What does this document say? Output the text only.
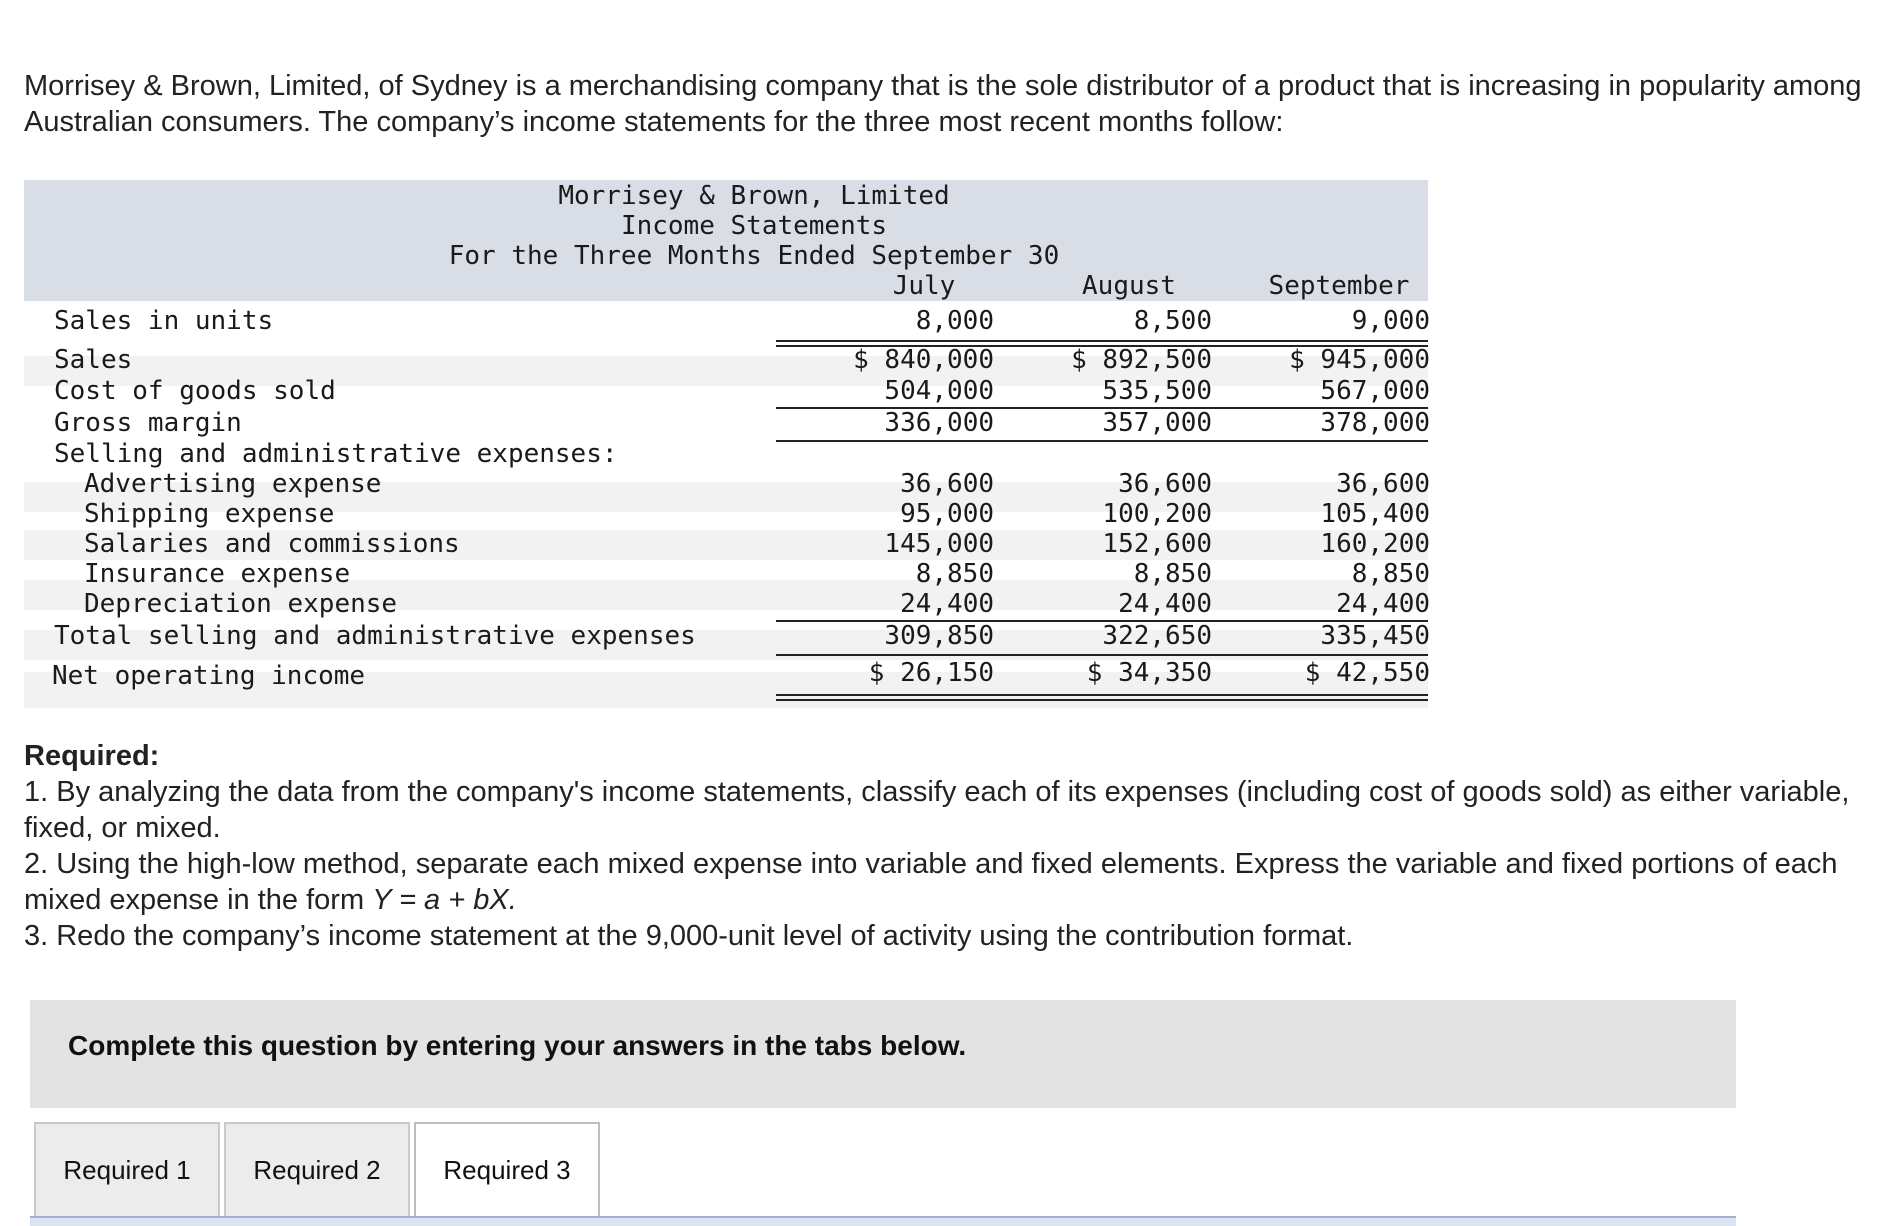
Morrisey & Brown, Limited, of Sydney is a merchandising company that is the sole distributor of a product that is increasing in popularity among Australian consumers. The company’s income statements for the three most recent months follow:

Morrisey & Brown, Limited
Income Statements
For the Three Months Ended September 30
July	August	September
Sales in units	8,000	8,500	9,000
Sales	$ 840,000	$ 892,500	$ 945,000
Cost of goods sold	504,000	535,500	567,000
Gross margin	336,000	357,000	378,000
Selling and administrative expenses:
Advertising expense	36,600	36,600	36,600
Shipping expense	95,000	100,200	105,400
Salaries and commissions	145,000	152,600	160,200
Insurance expense	8,850	8,850	8,850
Depreciation expense	24,400	24,400	24,400
Total selling and administrative expenses	309,850	322,650	335,450
Net operating income	$ 26,150	$ 34,350	$ 42,550
Required:

1. By analyzing the data from the company's income statements, classify each of its expenses (including cost of goods sold) as either variable, fixed, or mixed.

2. Using the high-low method, separate each mixed expense into variable and fixed elements. Express the variable and fixed portions of each mixed expense in the form Y = a + bX.

3. Redo the company’s income statement at the 9,000-unit level of activity using the contribution format.

Complete this question by entering your answers in the tabs below.
Required 1	Required 2	Required 3
